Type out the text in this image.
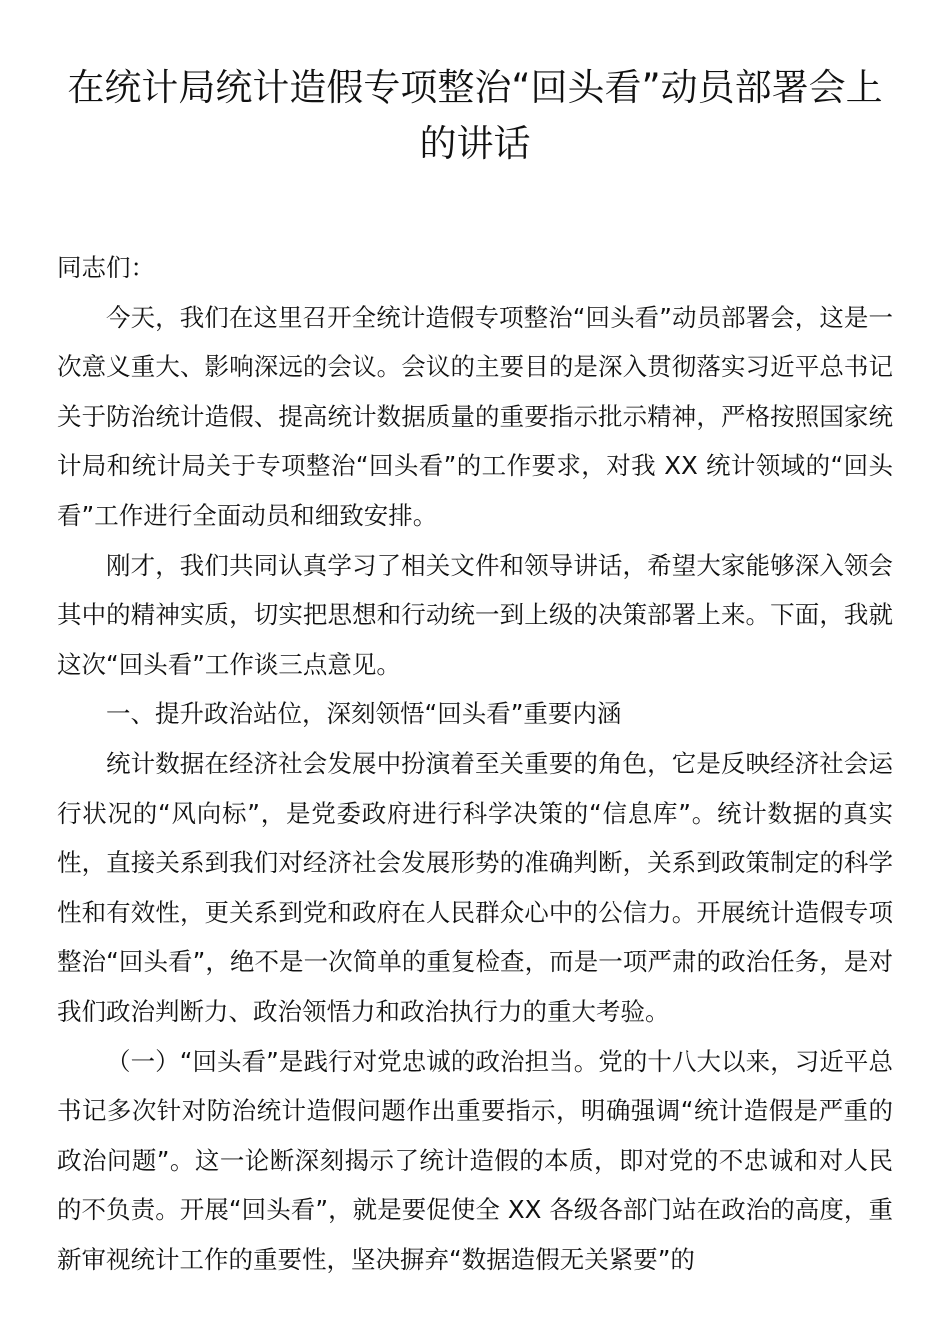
在统计局统计造假专项整治“回头看”动员部署会上的讲话
同志们：

今天，我们在这里召开全统计造假专项整治“回头看”动员部署会，这是一次意义重大、影响深远的会议。会议的主要目的是深入贯彻落实习近平总书记关于防治统计造假、提高统计数据质量的重要指示批示精神，严格按照国家统计局和统计局关于专项整治“回头看”的工作要求，对我 XX 统计领域的“回头看”工作进行全面动员和细致安排。

刚才，我们共同认真学习了相关文件和领导讲话，希望大家能够深入领会其中的精神实质，切实把思想和行动统一到上级的决策部署上来。下面，我就这次“回头看”工作谈三点意见。

一、提升政治站位，深刻领悟“回头看”重要内涵

统计数据在经济社会发展中扮演着至关重要的角色，它是反映经济社会运行状况的“风向标”，是党委政府进行科学决策的“信息库”。统计数据的真实性，直接关系到我们对经济社会发展形势的准确判断，关系到政策制定的科学性和有效性，更关系到党和政府在人民群众心中的公信力。开展统计造假专项整治“回头看”，绝不是一次简单的重复检查，而是一项严肃的政治任务，是对我们政治判断力、政治领悟力和政治执行力的重大考验。

（一）“回头看”是践行对党忠诚的政治担当。党的十八大以来，习近平总书记多次针对防治统计造假问题作出重要指示，明确强调“统计造假是严重的政治问题”。这一论断深刻揭示了统计造假的本质，即对党的不忠诚和对人民的不负责。开展“回头看”，就是要促使全 XX 各级各部门站在政治的高度，重新审视统计工作的重要性，坚决摒弃“数据造假无关紧要”的
